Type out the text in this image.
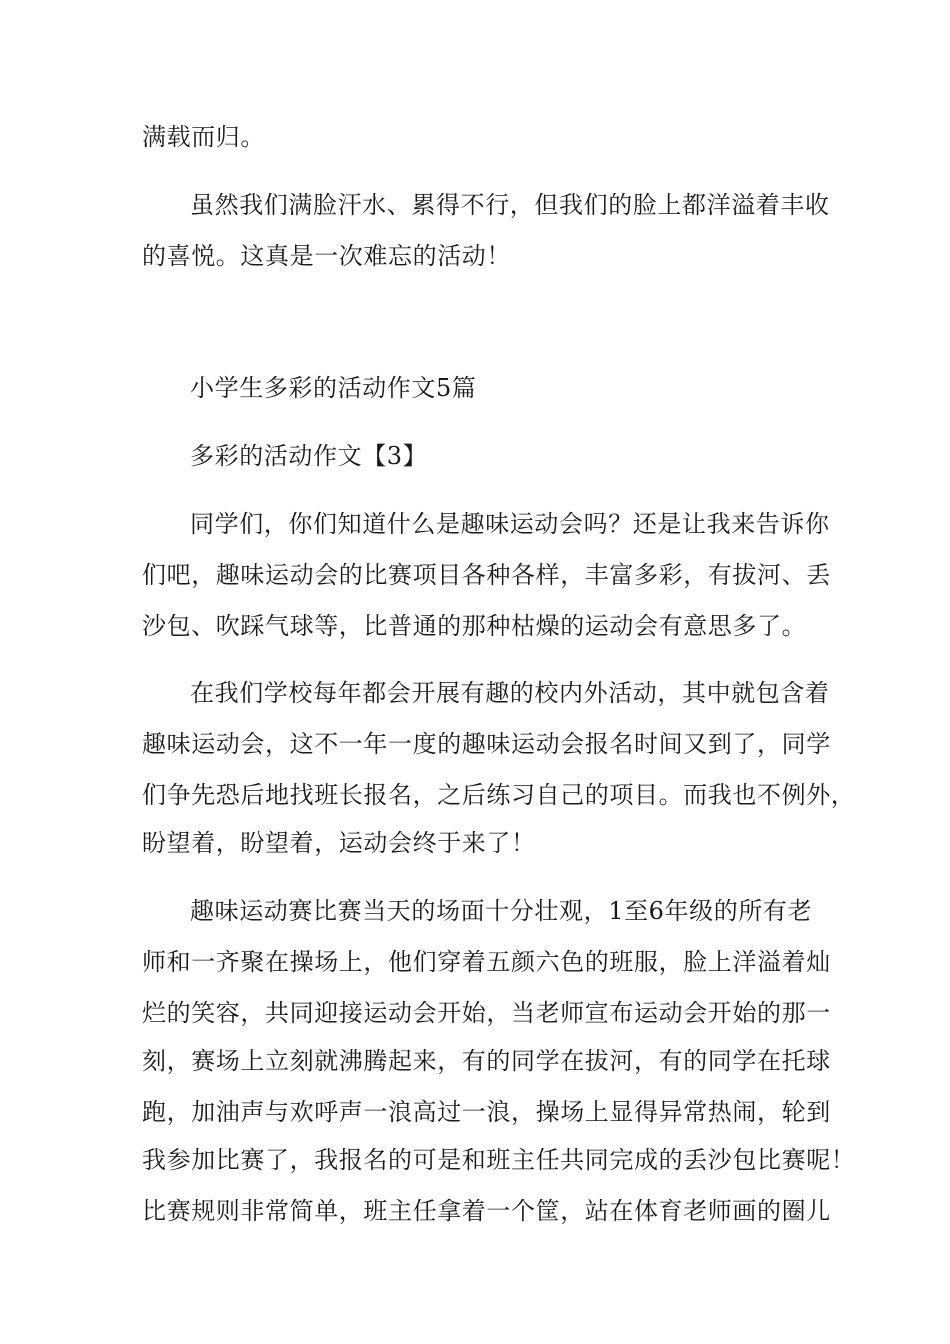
满载而归。

虽然我们满脸汗水、累得不行，但我们的脸上都洋溢着丰收

的喜悦。这真是一次难忘的活动！

小学生多彩的活动作文5篇

多彩的活动作文【3】

同学们，你们知道什么是趣味运动会吗？还是让我来告诉你

们吧，趣味运动会的比赛项目各种各样，丰富多彩，有拔河、丢

沙包、吹踩气球等，比普通的那种枯燥的运动会有意思多了。

在我们学校每年都会开展有趣的校内外活动，其中就包含着

趣味运动会，这不一年一度的趣味运动会报名时间又到了，同学

们争先恐后地找班长报名，之后练习自己的项目。而我也不例外，

盼望着，盼望着，运动会终于来了！

趣味运动赛比赛当天的场面十分壮观，1至6年级的所有老

师和一齐聚在操场上，他们穿着五颜六色的班服，脸上洋溢着灿

烂的笑容，共同迎接运动会开始，当老师宣布运动会开始的那一

刻，赛场上立刻就沸腾起来，有的同学在拔河，有的同学在托球

跑，加油声与欢呼声一浪高过一浪，操场上显得异常热闹，轮到

我参加比赛了，我报名的可是和班主任共同完成的丢沙包比赛呢！

比赛规则非常简单，班主任拿着一个筐，站在体育老师画的圈儿
